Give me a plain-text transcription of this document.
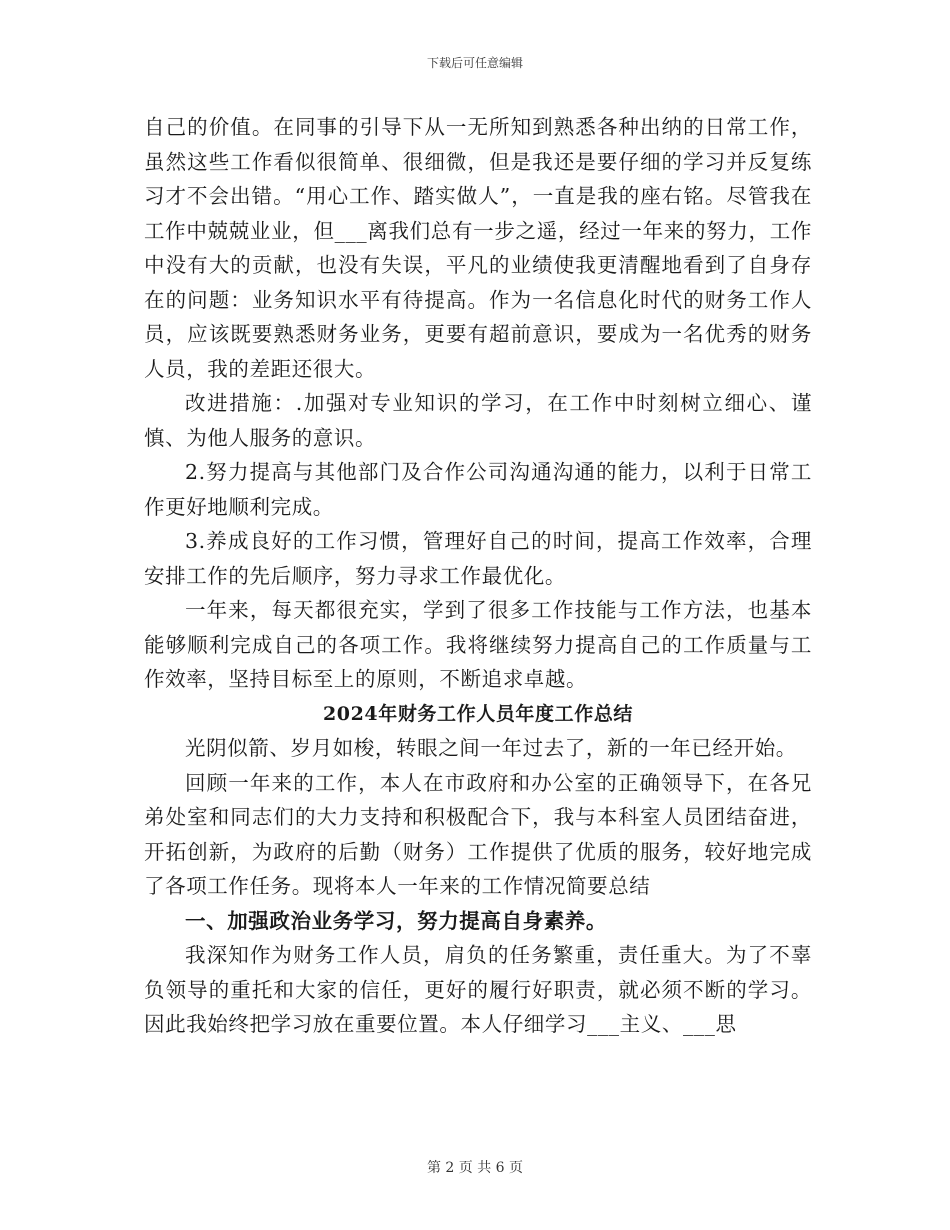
下载后可任意编辑

自己的价值。在同事的引导下从一无所知到熟悉各种出纳的日常工作，虽然这些工作看似很简单、很细微，但是我还是要仔细的学习并反复练习才不会出错。“用心工作、踏实做人”，一直是我的座右铭。尽管我在工作中兢兢业业，但___离我们总有一步之遥，经过一年来的努力，工作中没有大的贡献，也没有失误，平凡的业绩使我更清醒地看到了自身存在的问题：业务知识水平有待提高。作为一名信息化时代的财务工作人员，应该既要熟悉财务业务，更要有超前意识，要成为一名优秀的财务人员，我的差距还很大。

改进措施：.加强对专业知识的学习，在工作中时刻树立细心、谨慎、为他人服务的意识。

2.努力提高与其他部门及合作公司沟通沟通的能力，以利于日常工作更好地顺利完成。

3.养成良好的工作习惯，管理好自己的时间，提高工作效率，合理安排工作的先后顺序，努力寻求工作最优化。

一年来，每天都很充实，学到了很多工作技能与工作方法，也基本能够顺利完成自己的各项工作。我将继续努力提高自己的工作质量与工作效率，坚持目标至上的原则，不断追求卓越。

2024年财务工作人员年度工作总结

光阴似箭、岁月如梭，转眼之间一年过去了，新的一年已经开始。

回顾一年来的工作，本人在市政府和办公室的正确领导下，在各兄弟处室和同志们的大力支持和积极配合下，我与本科室人员团结奋进，开拓创新，为政府的后勤（财务）工作提供了优质的服务，较好地完成了各项工作任务。现将本人一年来的工作情况简要总结

一、加强政治业务学习，努力提高自身素养。

我深知作为财务工作人员，肩负的任务繁重，责任重大。为了不辜负领导的重托和大家的信任，更好的履行好职责，就必须不断的学习。因此我始终把学习放在重要位置。本人仔细学习___主义、___思

第 2 页 共 6 页
